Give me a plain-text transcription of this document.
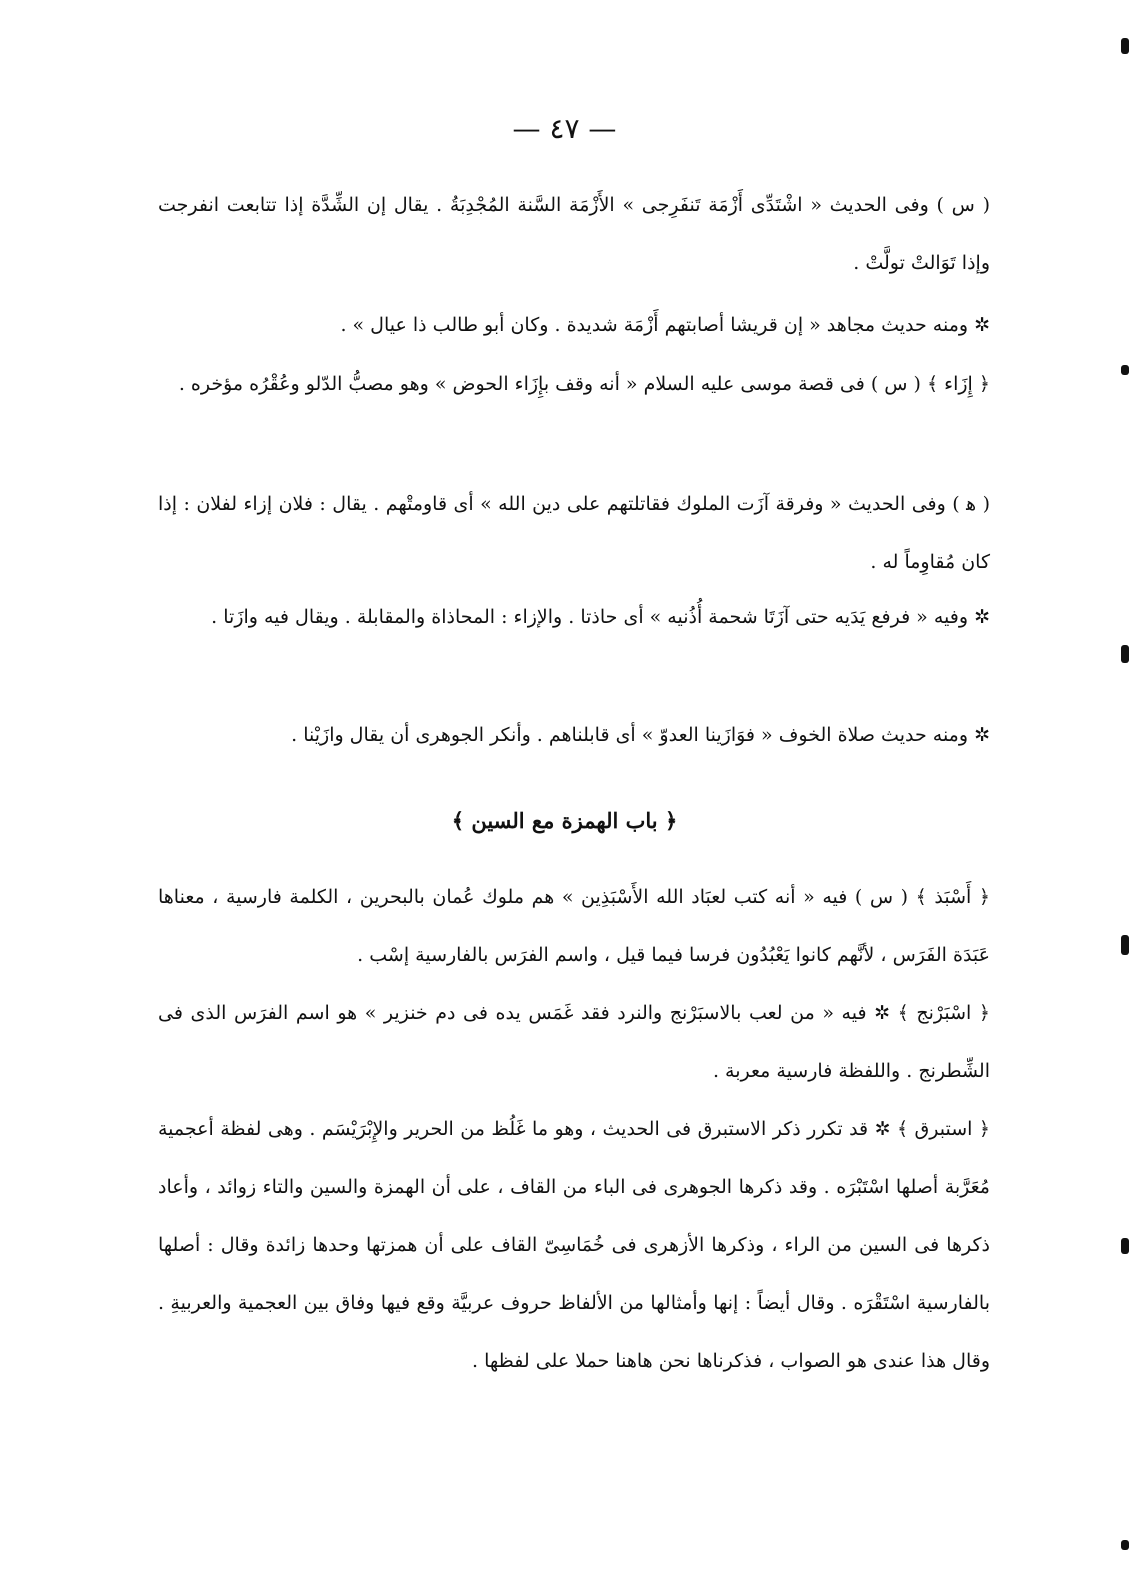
— ٤٧ —
( س ) وفى الحديث « اشْتَدِّى أَزْمَة تَنفَرِجى » الأَزْمَة السَّنة المُجْدِبَةُ . يقال إن الشِّدَّة إذا تتابعت انفرجت وإذا تَوَالتْ تولَّتْ .
✲ ومنه حديث مجاهد « إن قريشا أصابتهم أَزْمَة شديدة . وكان أبو طالب ذا عيال » .
﴿ إِزَاء ﴾ ( س ) فى قصة موسى عليه السلام « أنه وقف بإِزَاء الحوض » وهو مصبُّ الدّلو وعُقْرُه مؤخره .
( ﻫ ) وفى الحديث « وفرقة آزَت الملوك فقاتلتهم على دين الله » أى قاومتْهم . يقال : فلان إزاء لفلان : إذا كان مُقاوِماً له .
✲ وفيه « فرفع يَدَيه حتى آزَتَا شحمة أُذُنيه » أى حاذتا . والإزاء : المحاذاة والمقابلة . ويقال فيه وازَتا .
✲ ومنه حديث صلاة الخوف « فوَازَينا العدوّ » أى قابلناهم . وأنكر الجوهرى أن يقال وازَيْنا .
﴿ باب الهمزة مع السين ﴾
﴿ أَسْبَذ ﴾ ( س ) فيه « أنه كتب لعبَاد الله الأَسْبَذِين » هم ملوك عُمان بالبحرين ، الكلمة فارسية ، معناها عَبَدَة الفَرَس ، لأنَّهم كانوا يَعْبُدُون فرسا فيما قيل ، واسم الفرَس بالفارسية إسْب .
﴿ اسْبَرْنج ﴾ ✲ فيه « من لعب بالاسبَرْنج والنرد فقد غَمَس يده فى دم خنزير » هو اسم الفرَس الذى فى الشِّطرنج . واللفظة فارسية معربة .
﴿ استبرق ﴾ ✲ قد تكرر ذكر الاستبرق فى الحديث ، وهو ما غَلُظ من الحرير والإِبْرَيْسَم . وهى لفظة أعجمية مُعَرَّبة أصلها اسْتَبْرَه . وقد ذكرها الجوهرى فى الباء من القاف ، على أن الهمزة والسين والتاء زوائد ، وأعاد ذكرها فى السين من الراء ، وذكرها الأزهرى فى خُمَاسِىّ القاف على أن همزتها وحدها زائدة وقال : أصلها بالفارسية اسْتَقْرَه . وقال أيضاً : إنها وأمثالها من الألفاظ حروف عربيَّة وقع فيها وفاق بين العجمية والعربيةِ . وقال هذا عندى هو الصواب ، فذكرناها نحن هاهنا حملا على لفظها .
